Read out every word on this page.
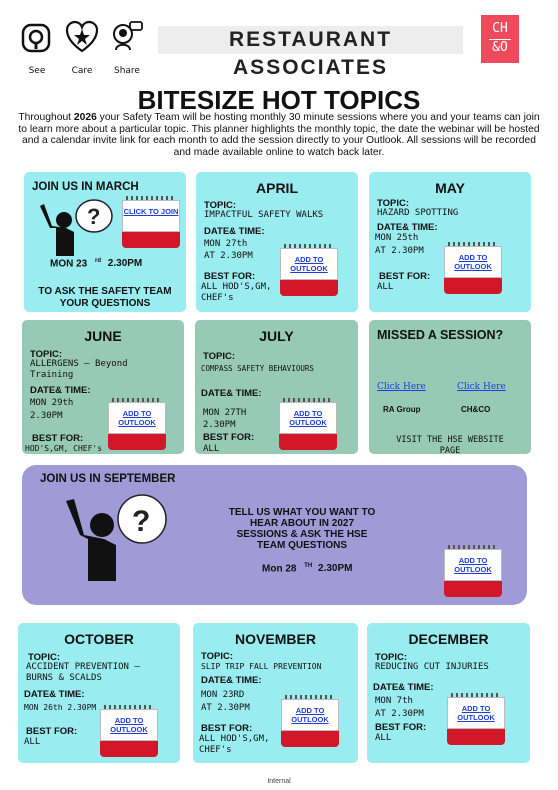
See	Care	Share
RESTAURANT ASSOCIATES
CH
&O
BITESIZE HOT TOPICS
Throughout 2026 your Safety Team will be hosting monthly 30 minute sessions where you and your teams can join to learn more about a particular topic. This planner highlights the monthly topic, the date the webinar will be hosted and a calendar invite link for each month to add the session directly to your Outlook. All sessions will be recorded and made available online to watch back later.
JOIN US IN MARCH
?	CLICK TO JOIN
MON 23 $^{rd}$ 2.30PM
TO ASK THE SAFETY TEAM YOUR QUESTIONS
APRIL
TOPIC:
IMPACTFUL SAFETY WALKS
DATE& TIME:
MON 27th
AT 2.30PM
BEST FOR:
ALL HOD'S,GM, CHEF's
ADD TO OUTLOOK
MAY
TOPIC:
HAZARD SPOTTING
DATE& TIME:
MON 25th
AT 2.30PM
BEST FOR:
ALL
ADD TO OUTLOOK
JUNE
TOPIC:
ALLERGENS – Beyond Training
DATE& TIME:
MON 29th
2.30PM
BEST FOR:
HOD'S,GM, CHEF's
ADD TO OUTLOOK
JULY
TOPIC:
COMPASS SAFETY BEHAVIOURS
DATE& TIME:
MON 27TH
2.30PM
BEST FOR:
ALL
ADD TO OUTLOOK
MISSED A SESSION?
Click Here	Click Here
RA Group	CH&CO
VISIT THE HSE WEBSITE PAGE
JOIN US IN SEPTEMBER
?	TELL US WHAT YOU WANT TO HEAR ABOUT IN 2027 SESSIONS & ASK THE HSE TEAM QUESTIONS
Mon 28 $^{TH}$ 2.30PM
ADD TO OUTLOOK
OCTOBER
TOPIC:
ACCIDENT PREVENTION – BURNS & SCALDS
DATE& TIME:
MON 26th 2.30PM
BEST FOR:
ALL
ADD TO OUTLOOK
NOVEMBER
TOPIC:
SLIP TRIP FALL PREVENTION
DATE& TIME:
MON 23RD
AT 2.30PM
BEST FOR:
ALL HOD'S,GM, CHEF's
ADD TO OUTLOOK
DECEMBER
TOPIC:
REDUCING CUT INJURIES
DATE& TIME:
MON 7th
AT 2.30PM
BEST FOR:
ALL
ADD TO OUTLOOK
Internal
